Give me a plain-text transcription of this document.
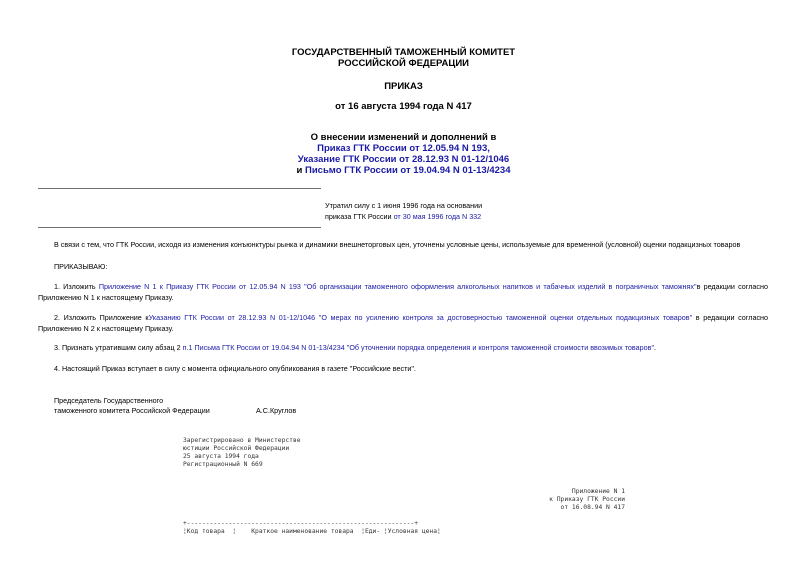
ГОСУДАРСТВЕННЫЙ ТАМОЖЕННЫЙ КОМИТЕТ
РОССИЙСКОЙ ФЕДЕРАЦИИ
ПРИКАЗ
от 16 августа 1994 года N 417
О внесении изменений и дополнений в
Приказ ГТК России от 12.05.94 N 193,
Указание ГТК России от 28.12.93 N 01-12/1046
и Письмо ГТК России от 19.04.94 N 01-13/4234
Утратил силу с 1 июня 1996 года на основании
приказа ГТК России от 30 мая 1996 года N 332
В связи с тем, что ГТК России, исходя из изменения конъюнктуры рынка и динамики внешнеторговых цен, уточнены условные цены, используемые для временной (условной) оценки подакцизных товаров
ПРИКАЗЫВАЮ:
1. Изложить Приложение N 1 к Приказу ГТК России от 12.05.94 N 193 "Об организации таможенного оформления алкогольных напитков и табачных изделий в пограничных таможнях"в редакции согласно Приложению N 1 к настоящему Приказу.
2. Изложить Приложение кУказанию ГТК России от 28.12.93 N 01-12/1046 "О мерах по усилению контроля за достоверностью таможенной оценки отдельных подакцизных товаров" в редакции согласно Приложению N 2 к настоящему Приказу.
3. Признать утратившим силу абзац 2 п.1 Письма ГТК России от 19.04.94 N 01-13/4234 "Об уточнении порядка определения и контроля таможенной стоимости ввозимых товаров".
4. Настоящий Приказ вступает в силу с момента официального опубликования в газете "Российские вести".
Председатель Государственного
таможенного комитета Российской Федерации	А.С.Круглов
Зарегистрировано в Министерстве
юстиции Российской Федерации
25 августа 1994 года
Регистрационный N 669
Приложение N 1
к Приказу ГТК России
от 16.08.94 N 417
+------------------------------------------------------------+
¦Код товара  ¦    Краткое наименование товара  ¦Еди- ¦Условная цена¦
